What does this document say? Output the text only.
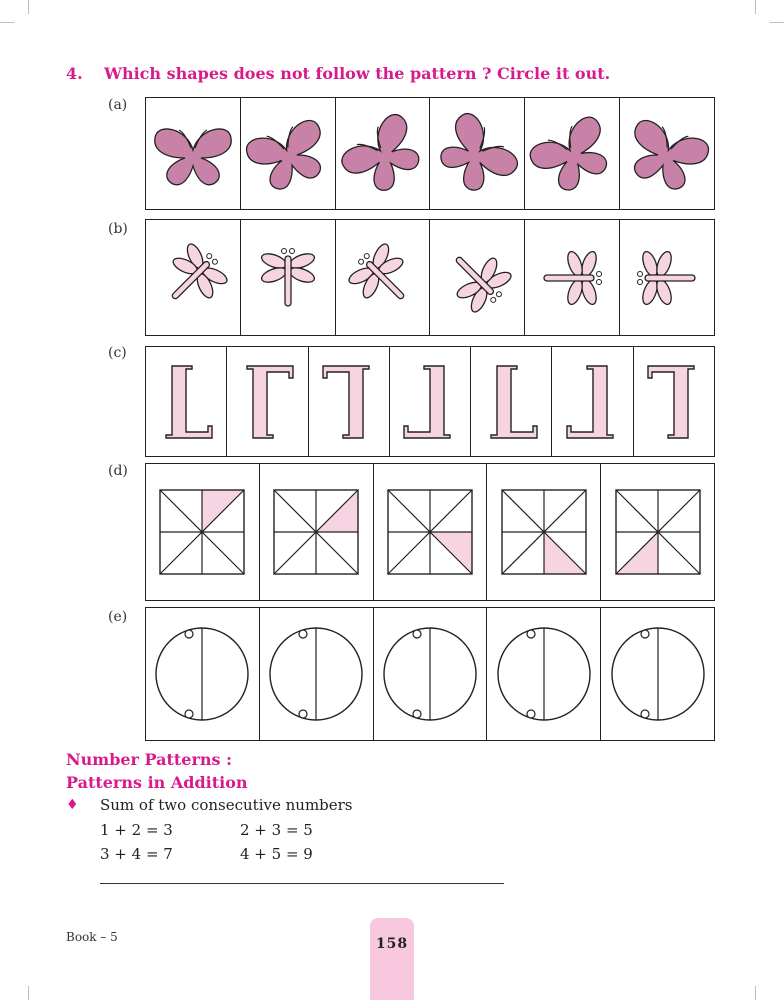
4. Which shapes does not follow the pattern ? Circle it out.
(a)
(b)
(c)
(d)
(e)
Number Patterns :
Patterns in Addition
♦ Sum of two consecutive numbers
1 + 2 = 3	2 + 3 = 5
3 + 4 = 7	4 + 5 = 9
Book – 5	158
